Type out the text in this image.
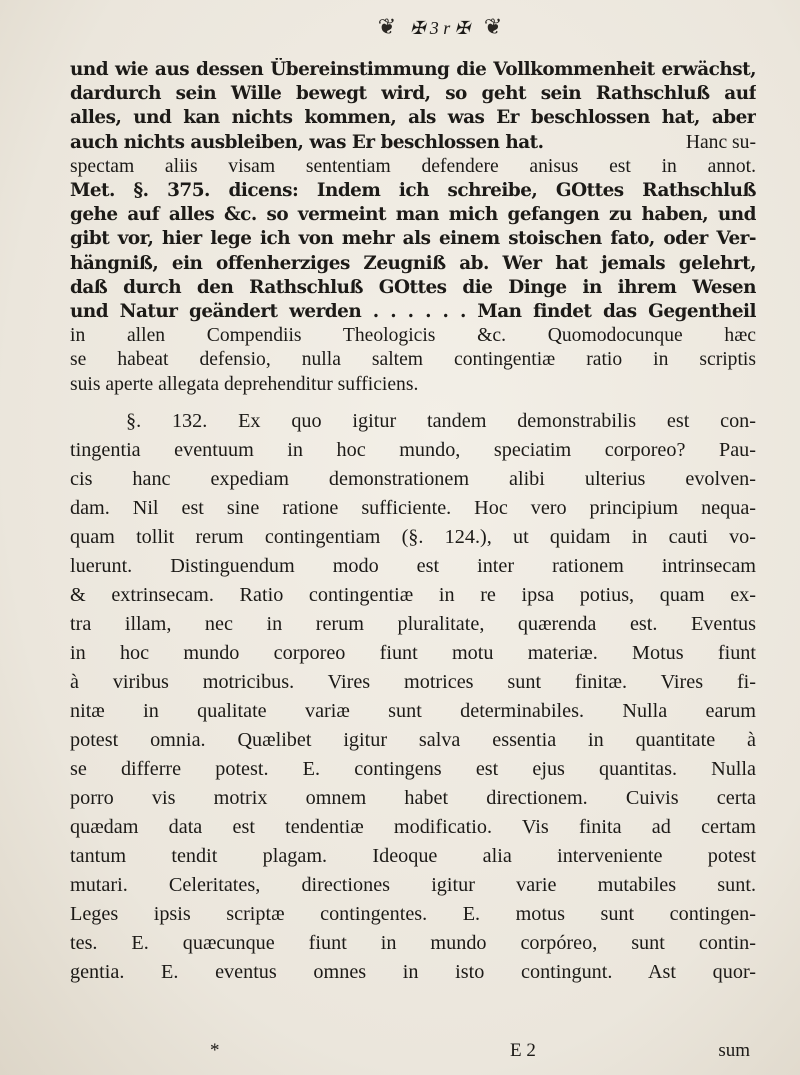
❦ ✠ 3 r ✠ ❦
und wie aus dessen Übereinstimmung die Vollkommenheit erwächst,
dardurch sein Wille bewegt wird, so geht sein Rathschluß auf
alles, und kan nichts kommen, als was Er beschlossen hat, aber
auch nichts ausbleiben, was Er beschlossen hat.	Hanc su-
spectam aliis visam sententiam defendere anisus est in annot.
Met. §. 375. dicens: Indem ich schreibe, GOttes Rathschluß
gehe auf alles &c. so vermeint man mich gefangen zu haben, und
gibt vor, hier lege ich von mehr als einem stoischen fato, oder Ver-
hängniß, ein offenherziges Zeugniß ab. Wer hat jemals gelehrt,
daß durch den Rathschluß GOttes die Dinge in ihrem Wesen
und Natur geändert werden . . . . . . Man findet das Gegentheil
in allen Compendiis Theologicis &c. Quomodocunque hæc
se habeat defensio, nulla saltem contingentiæ ratio in scriptis
suis aperte allegata deprehenditur sufficiens.
§. 132. Ex quo igitur tandem demonstrabilis est con-
tingentia eventuum in hoc mundo, speciatim corporeo? Pau-
cis hanc expediam demonstrationem alibi ulterius evolven-
dam. Nil est sine ratione sufficiente. Hoc vero principium nequa-
quam tollit rerum contingentiam (§. 124.), ut quidam in cauti vo-
luerunt. Distinguendum modo est inter rationem intrinsecam
& extrinsecam. Ratio contingentiæ in re ipsa potius, quam ex-
tra illam, nec in rerum pluralitate, quærenda est. Eventus
in hoc mundo corporeo fiunt motu materiæ. Motus fiunt
à viribus motricibus. Vires motrices sunt finitæ. Vires fi-
nitæ in qualitate variæ sunt determinabiles. Nulla earum
potest omnia. Quælibet igitur salva essentia in quantitate à
se differre potest. E. contingens est ejus quantitas. Nulla
porro vis motrix omnem habet directionem. Cuivis certa
quædam data est tendentiæ modificatio. Vis finita ad certam
tantum tendit plagam. Ideoque alia interveniente potest
mutari. Celeritates, directiones igitur varie mutabiles sunt.
Leges ipsis scriptæ contingentes. E. motus sunt contingen-
tes. E. quæcunque fiunt in mundo corpóreo, sunt contin-
gentia. E. eventus omnes in isto contingunt. Ast quor-
*	E 2	sum
